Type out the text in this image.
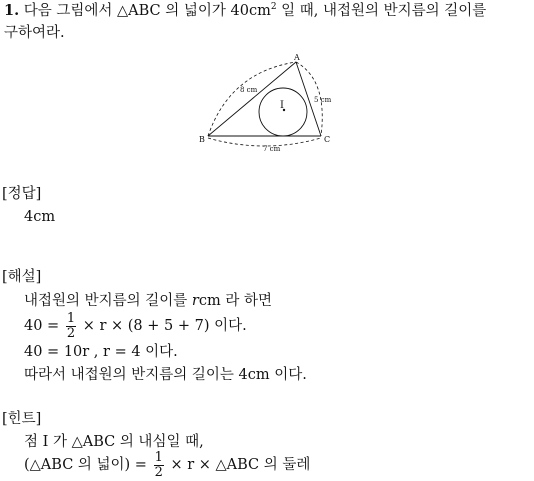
1. 다음 그림에서 △ABC 의 넓이가 $40cm^2$ 일 때, 내접원의 반지름의 길이를
구하여라.
A
B	C
I
8 cm
5 cm
7 cm
[정답]
4cm
[해설]
내접원의 반지름의 길이를 rcm 라 하면
$40 = \frac{1}{2} \times r \times (8 + 5 + 7)$ 이다.
40 = 10r , r = 4 이다.
따라서 내접원의 반지름의 길이는 4cm 이다.
[힌트]
점 I 가 △ABC 의 내심일 때,
(△ABC 의 넓이) = $\frac{1}{2} \times r$ × △ABC 의 둘레
